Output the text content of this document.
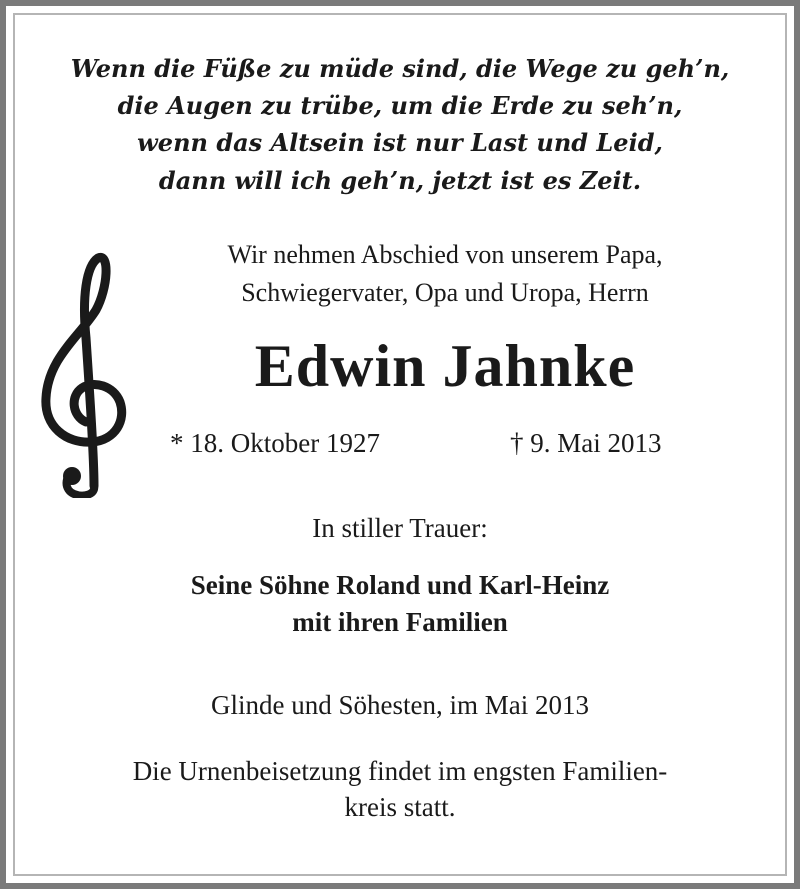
Wenn die Füße zu müde sind, die Wege zu geh’n,
die Augen zu trübe, um die Erde zu seh’n,
wenn das Altsein ist nur Last und Leid,
dann will ich geh’n, jetzt ist es Zeit.
Wir nehmen Abschied von unserem Papa,
Schwiegervater, Opa und Uropa, Herrn
Edwin Jahnke
* 18. Oktober 1927	† 9. Mai 2013
In stiller Trauer:
Seine Söhne Roland und Karl-Heinz
mit ihren Familien
Glinde und Söhesten, im Mai 2013
Die Urnenbeisetzung findet im engsten Familien-
kreis statt.
